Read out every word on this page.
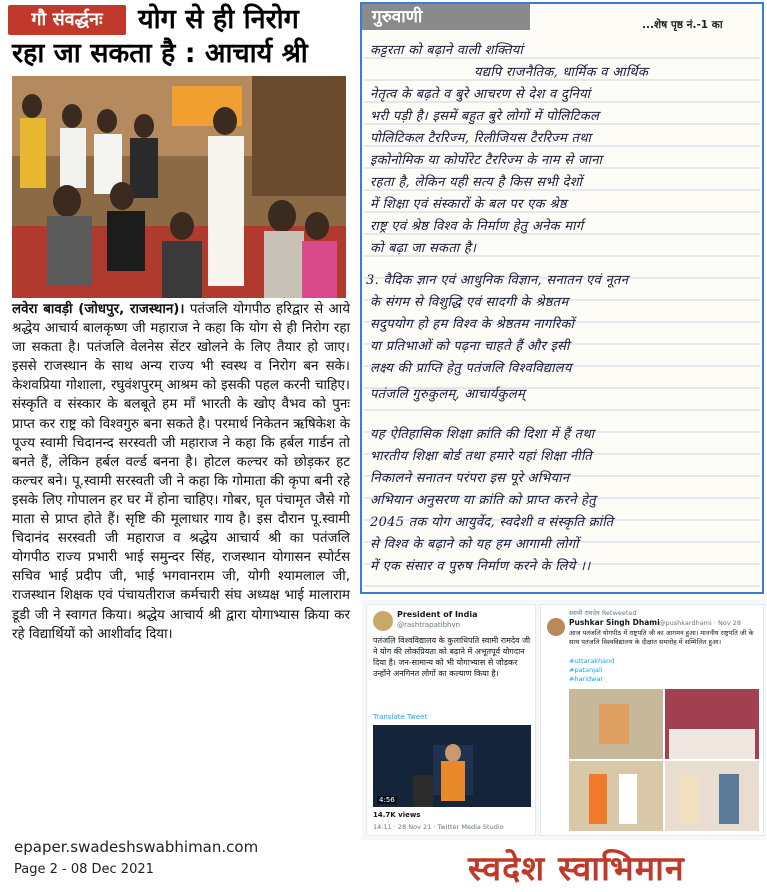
गौ संवर्द्धनः	योग से ही निरोग
रहा जा सकता है : आचार्य श्री

लवेरा बावड़ी (जोधपुर, राजस्थान)। पतंजलि योगपीठ हरिद्वार से आये श्रद्धेय आचार्य बालकृष्ण जी महाराज ने कहा कि योग से ही निरोग रहा जा सकता है। पतंजलि वेलनेस सेंटर खोलने के लिए तैयार हो जाए। इससे राजस्थान के साथ अन्य राज्य भी स्वस्थ व निरोग बन सके। केशवप्रिया गोशाला, रघुवंशपुरम् आश्रम को इसकी पहल करनी चाहिए। संस्कृति व संस्कार के बलबूते हम माँ भारती के खोए वैभव को पुनः प्राप्त कर राष्ट्र को विश्वगुरु बना सकते है। परमार्थ निकेतन ऋषिकेश के पूज्य स्वामी चिदानन्द सरस्वती जी महाराज ने कहा कि हर्बल गार्डन तो बनते हैं, लेकिन हर्बल वर्ल्ड बनना है। होटल कल्चर को छोड़कर हट कल्चर बने। पू.स्वामी सरस्वती जी ने कहा कि गोमाता की कृपा बनी रहे इसके लिए गोपालन हर घर में होना चाहिए। गोबर, घृत पंचामृत जैसे गो माता से प्राप्त होते हैं। सृष्टि की मूलाधार गाय है। इस दौरान पू.स्वामी चिदानंद सरस्वती जी महाराज व श्रद्धेय आचार्य श्री का पतंजलि योगपीठ राज्य प्रभारी भाई समुन्दर सिंह, राजस्थान योगासन स्पोर्टस सचिव भाई प्रदीप जी, भाई भगवानराम जी, योगी श्यामलाल जी, राजस्थान शिक्षक एवं पंचायतीराज कर्मचारी संघ अध्यक्ष भाई मालाराम डूडी जी ने स्वागत किया। श्रद्धेय आचार्य श्री द्वारा योगाभ्यास क्रिया कर रहे विद्यार्थियों को आशीर्वाद दिया।

गुरुवाणी	...शेष पृष्ठ नं.-1 का
कट्टरता को बढ़ाने वाली शक्तियां
यद्यपि राजनैतिक, धार्मिक व आर्थिक
नेतृत्व के बढ़ते व बुरे आचरण से देश व दुनियां
भरी पड़ी है। इसमें बहुत बुरे लोगों में पोलिटिकल
पोलिटिकल टैररिज्म, रिलीजियस टैररिज्म तथा
इकोनोमिक या कोर्पोरेट टैररिज्म के नाम से जाना
रहता है, लेकिन यही सत्य है किस सभी देशों
में शिक्षा एवं संस्कारों के बल पर एक श्रेष्ठ
राष्ट्र एवं श्रेष्ठ विश्व के निर्माण हेतु अनेक मार्ग
को बढ़ा जा सकता है।
3. वैदिक ज्ञान एवं आधुनिक विज्ञान, सनातन एवं नूतन
के संगम से विशुद्धि एवं सादगी के श्रेष्ठतम
सदुपयोग हो हम विश्व के श्रेष्ठतम नागरिकों
या प्रतिभाओं को पढ़ना चाहते हैं और इसी
लक्ष्य की प्राप्ति हेतु पतंजलि विश्वविद्यालय
पतंजलि गुरुकुलम्, आचार्यकुलम्
यह ऐतिहासिक शिक्षा क्रांति की दिशा में हैं तथा
भारतीय शिक्षा बोर्ड तथा हमारे यहां शिक्षा नीति
निकालने सनातन परंपरा इस पूरे अभियान
अभियान अनुसरण या क्रांति को प्राप्त करने हेतु
2045 तक योग आयुर्वेद, स्वदेशी व संस्कृति क्रांति
से विश्व के बढ़ाने को यह हम आगामी लोगों
में एक संसार व पुरुष निर्माण करने के लिये ।।
President of India
@rashtrapatibhvn
पतंजलि विश्वविद्यालय के कुलाधिपति स्वामी रामदेव जी ने योग की लोकप्रियता को बढ़ाने में अभूतपूर्व योगदान दिया है। जन-सामान्य को भी योगाभ्यास से जोड़कर उन्होंने अनगिनत लोगों का कल्याण किया है।
Translate Tweet
4:56
14.7K views
14:11 · 28 Nov 21 · Twitter Media Studio
स्वामी रामदेव Retweeted
Pushkar Singh Dhami @pushkardhami · Nov 28
आज पतंजलि योगपीठ में राष्ट्रपति जी का आगमन हुआ। माननीय राष्ट्रपति जी के साथ पतंजलि विश्वविद्यालय के दीक्षांत समारोह में सम्मिलित हुआ।
#uttarakhand
#patanjali
#haridwar
epaper.swadeshswabhiman.com
Page 2 - 08 Dec 2021	स्वदेश स्वाभिमान
